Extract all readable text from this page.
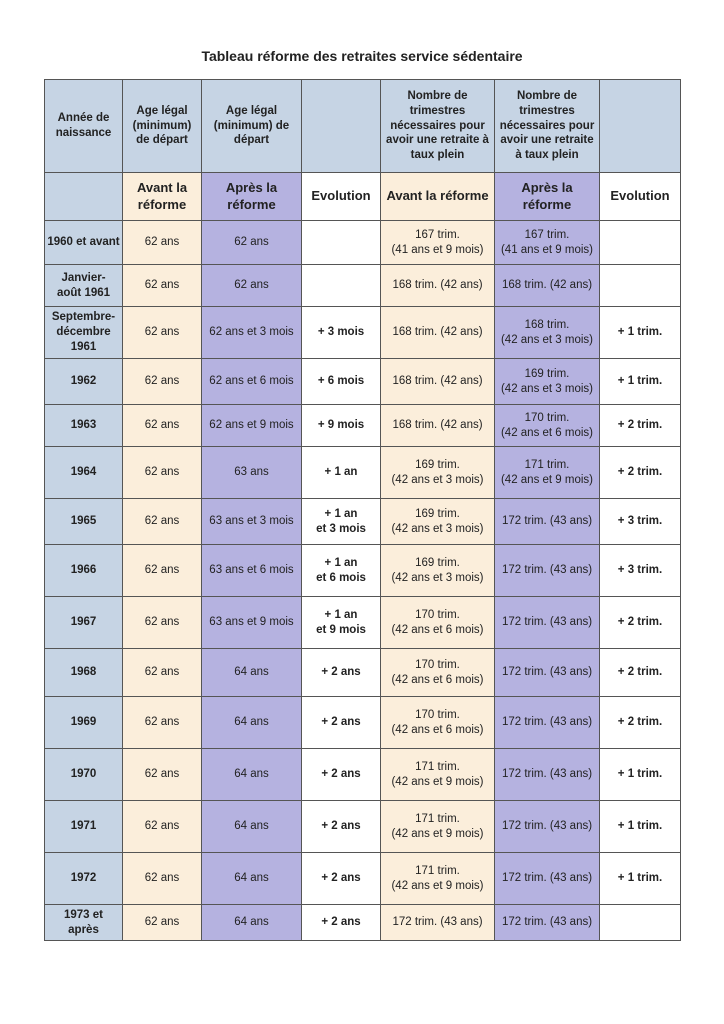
Tableau réforme des retraites service sédentaire
Année de naissance	Age légal (minimum) de départ	Age légal (minimum) de départ		Nombre de trimestres nécessaires pour avoir une retraite à taux plein	Nombre de trimestres nécessaires pour avoir une retraite à taux plein	
	Avant la réforme	Après la réforme	Evolution	Avant la réforme	Après la réforme	Evolution
1960 et avant	62 ans	62 ans		167 trim.
(41 ans et 9 mois)	167 trim.
(41 ans et 9 mois)	
Janvier-
août 1961	62 ans	62 ans		168 trim. (42 ans)	168 trim. (42 ans)	
Septembre-
décembre
1961	62 ans	62 ans et 3 mois	+ 3 mois	168 trim. (42 ans)	168 trim.
(42 ans et 3 mois)	+ 1 trim.
1962	62 ans	62 ans et 6 mois	+ 6 mois	168 trim. (42 ans)	169 trim.
(42 ans et 3 mois)	+ 1 trim.
1963	62 ans	62 ans et 9 mois	+ 9 mois	168 trim. (42 ans)	170 trim.
(42 ans et 6 mois)	+ 2 trim.
1964	62 ans	63 ans	+ 1 an	169 trim.
(42 ans et 3 mois)	171 trim.
(42 ans et 9 mois)	+ 2 trim.
1965	62 ans	63 ans et 3 mois	+ 1 an
et 3 mois	169 trim.
(42 ans et 3 mois)	172 trim. (43 ans)	+ 3 trim.
1966	62 ans	63 ans et 6 mois	+ 1 an
et 6 mois	169 trim.
(42 ans et 3 mois)	172 trim. (43 ans)	+ 3 trim.
1967	62 ans	63 ans et 9 mois	+ 1 an
et 9 mois	170 trim.
(42 ans et 6 mois)	172 trim. (43 ans)	+ 2 trim.
1968	62 ans	64 ans	+ 2 ans	170 trim.
(42 ans et 6 mois)	172 trim. (43 ans)	+ 2 trim.
1969	62 ans	64 ans	+ 2 ans	170 trim.
(42 ans et 6 mois)	172 trim. (43 ans)	+ 2 trim.
1970	62 ans	64 ans	+ 2 ans	171 trim.
(42 ans et 9 mois)	172 trim. (43 ans)	+ 1 trim.
1971	62 ans	64 ans	+ 2 ans	171 trim.
(42 ans et 9 mois)	172 trim. (43 ans)	+ 1 trim.
1972	62 ans	64 ans	+ 2 ans	171 trim.
(42 ans et 9 mois)	172 trim. (43 ans)	+ 1 trim.
1973 et
après	62 ans	64 ans	+ 2 ans	172 trim. (43 ans)	172 trim. (43 ans)	
